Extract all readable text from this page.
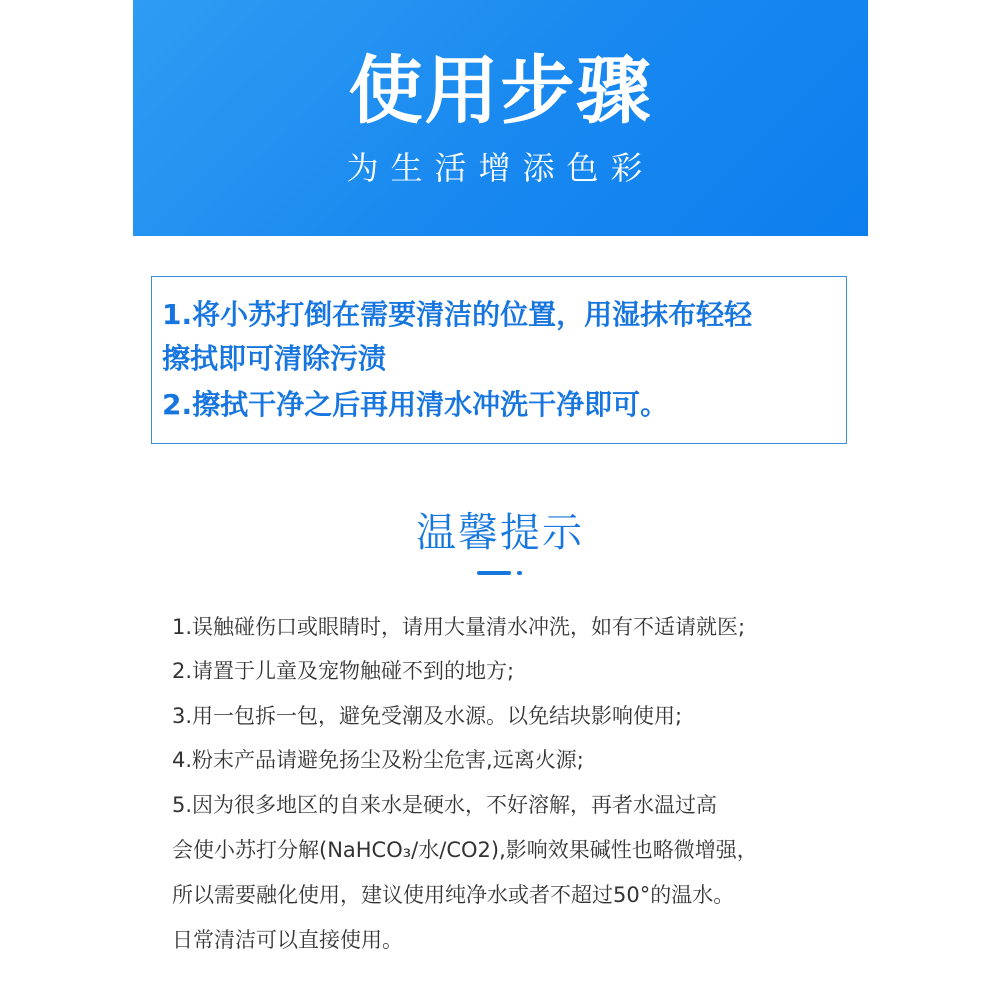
使用步骤
为生活增添色彩
1.将小苏打倒在需要清洁的位置，用湿抹布轻轻
擦拭即可清除污渍
2.擦拭干净之后再用清水冲洗干净即可。
温馨提示
1.误触碰伤口或眼睛时，请用大量清水冲洗，如有不适请就医;
2.请置于儿童及宠物触碰不到的地方;
3.用一包拆一包，避免受潮及水源。以免结块影响使用;
4.粉末产品请避免扬尘及粉尘危害,远离火源;
5.因为很多地区的自来水是硬水，不好溶解，再者水温过高
会使小苏打分解(NaHCO₃/水/CO2),影响效果碱性也略微增强，
所以需要融化使用，建议使用纯净水或者不超过50°的温水。
日常清洁可以直接使用。
